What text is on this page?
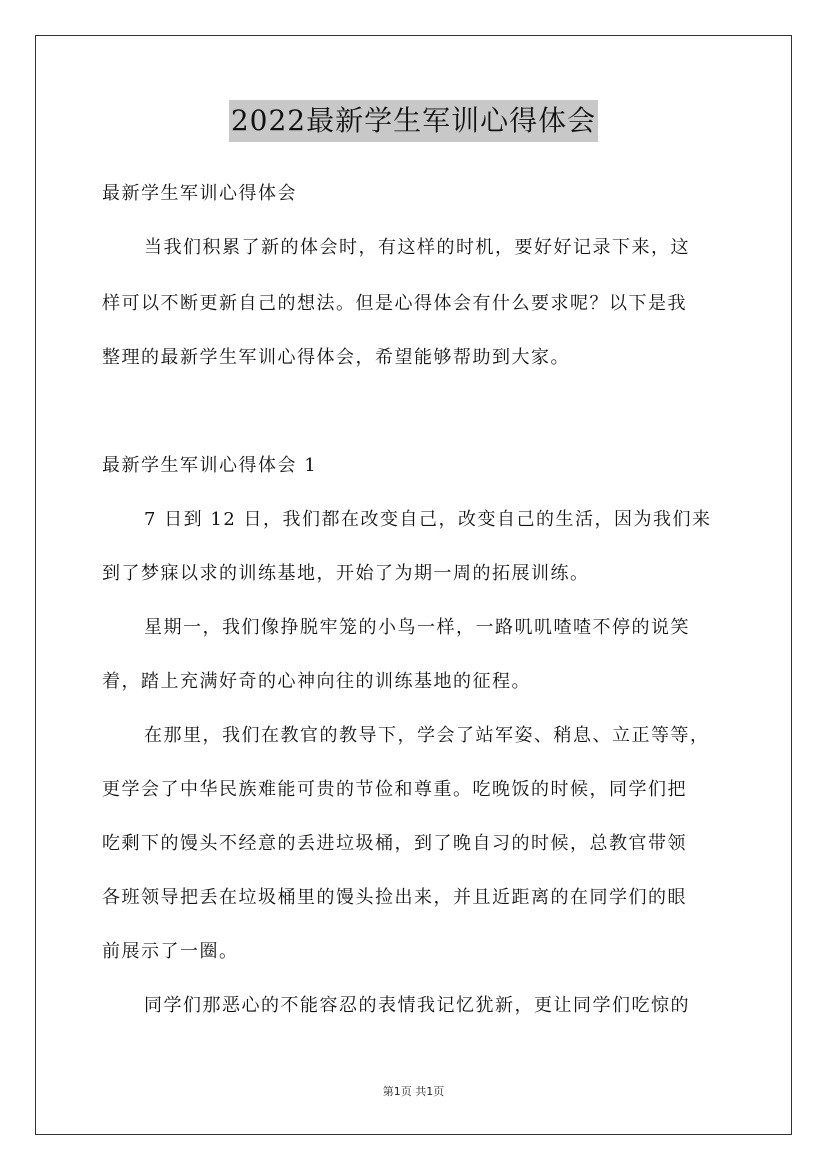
2022最新学生军训心得体会
最新学生军训心得体会
当我们积累了新的体会时，有这样的时机，要好好记录下来，这
样可以不断更新自己的想法。但是心得体会有什么要求呢？以下是我
整理的最新学生军训心得体会，希望能够帮助到大家。
最新学生军训心得体会 1
7 日到 12 日，我们都在改变自己，改变自己的生活，因为我们来
到了梦寐以求的训练基地，开始了为期一周的拓展训练。
星期一，我们像挣脱牢笼的小鸟一样，一路叽叽喳喳不停的说笑
着，踏上充满好奇的心神向往的训练基地的征程。
在那里，我们在教官的教导下，学会了站军姿、稍息、立正等等，
更学会了中华民族难能可贵的节俭和尊重。吃晚饭的时候，同学们把
吃剩下的馒头不经意的丢进垃圾桶，到了晚自习的时候，总教官带领
各班领导把丢在垃圾桶里的馒头捡出来，并且近距离的在同学们的眼
前展示了一圈。
同学们那恶心的不能容忍的表情我记忆犹新，更让同学们吃惊的
第1页 共1页
